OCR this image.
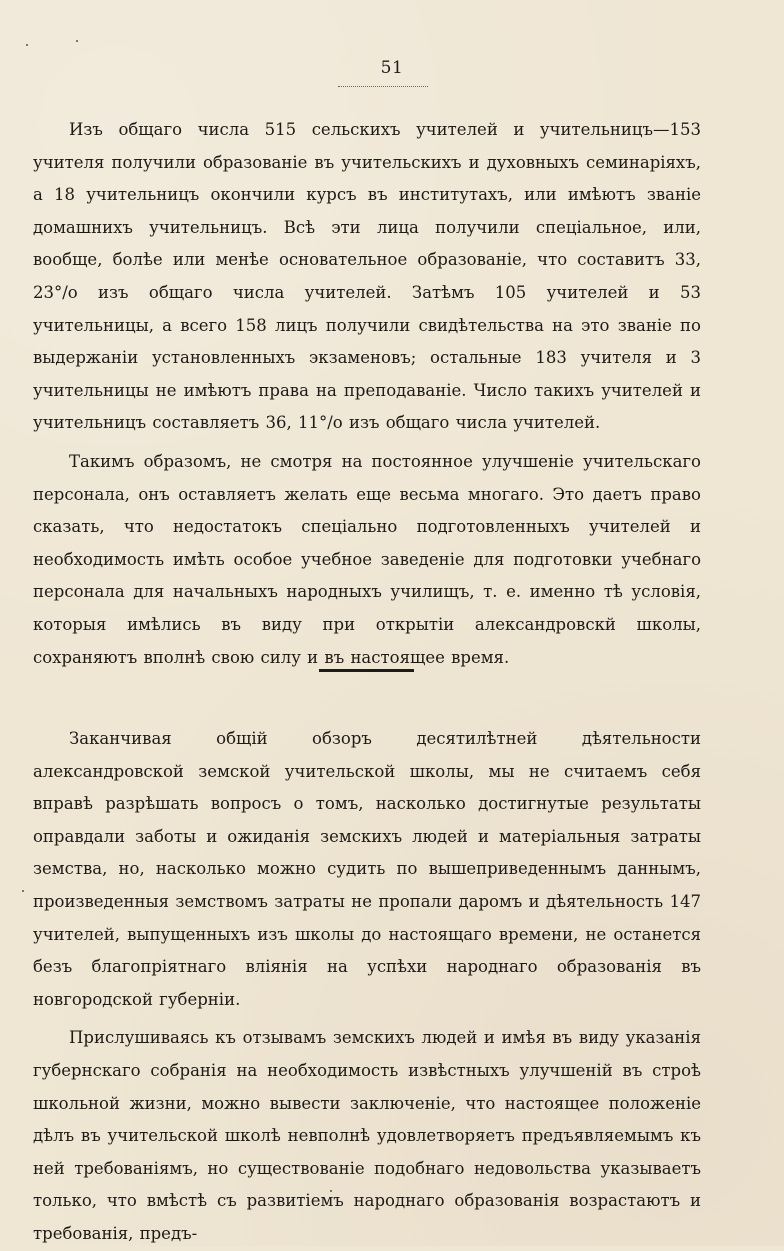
51

Изъ общаго числа 515 сельскихъ учителей и учительницъ—153 учителя получили образованіе въ учительскихъ и духовныхъ семинаріяхъ, а 18 учительницъ окончили курсъ въ институтахъ, или имѣютъ званіе домашнихъ учительницъ. Всѣ эти лица получили спеціальное, или, вообще, болѣе или менѣе основательное образованіе, что составитъ 33, 23°/o изъ общаго числа учителей. Затѣмъ 105 учителей и 53 учительницы, а всего 158 лицъ получили свидѣтельства на это званіе по выдержаніи установленныхъ экзаменовъ; остальные 183 учителя и 3 учительницы не имѣютъ права на преподаваніе. Число такихъ учителей и учительницъ составляетъ 36, 11°/o изъ общаго числа учителей.

Такимъ образомъ, не смотря на постоянное улучшеніе учительскаго персонала, онъ оставляетъ желать еще весьма многаго. Это даетъ право сказать, что недостатокъ спеціально подготовленныхъ учителей и необходимость имѣть особое учебное заведеніе для подготовки учебнаго персонала для начальныхъ народныхъ училищъ, т. е. именно тѣ условія, которыя имѣлись въ виду при открытіи александровскй школы, сохраняютъ вполнѣ свою силу и въ настоящее время.

Заканчивая общій обзоръ десятилѣтней дѣятельности александровской земской учительской школы, мы не считаемъ себя вправѣ разрѣшать вопросъ о томъ, насколько достигнутые результаты оправдали заботы и ожиданія земскихъ людей и матеріальныя затраты земства, но, насколько можно судить по вышеприведеннымъ даннымъ, произведенныя земствомъ затраты не пропали даромъ и дѣятельность 147 учителей, выпущенныхъ изъ школы до настоящаго времени, не останется безъ благопріятнаго вліянія на успѣхи народнаго образованія въ новгородской губерніи.

Прислушиваясь къ отзывамъ земскихъ людей и имѣя въ виду указанія губернскаго собранія на необходимость извѣстныхъ улучшеній въ строѣ школьной жизни, можно вывести заключеніе, что настоящее положеніе дѣлъ въ учительской школѣ невполнѣ удовлетворяетъ предъявляемымъ къ ней требованіямъ, но существованіе подобнаго недовольства указываетъ только, что вмѣстѣ съ развитіемъ народнаго образованія возрастаютъ и требованія, предъ-
